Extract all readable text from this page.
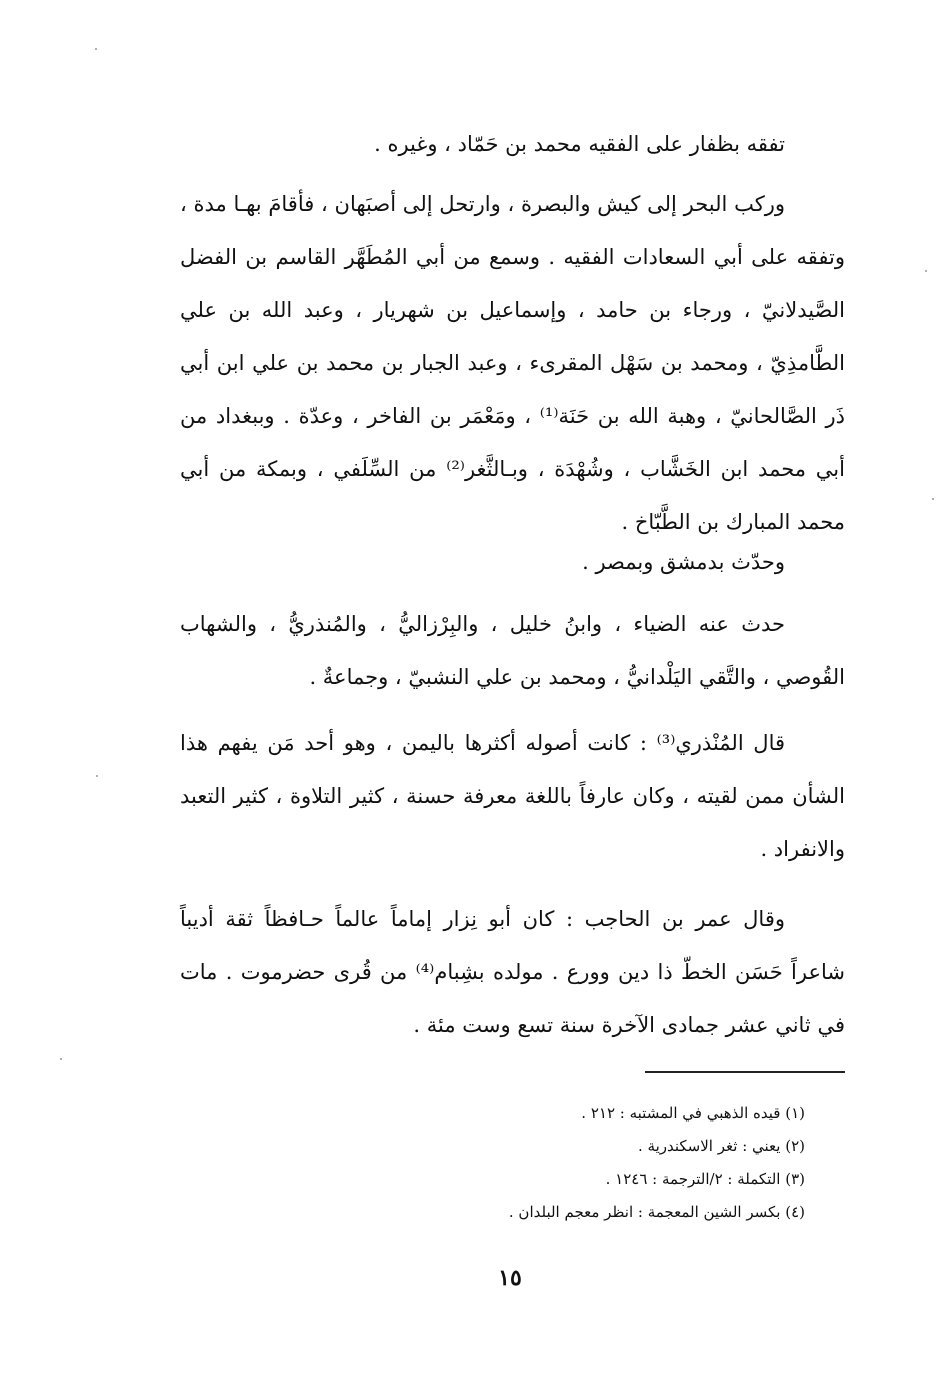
تفقه بظفار على الفقيه محمد بن حَمّاد ، وغيره .

وركب البحر إلى كيش والبصرة ، وارتحل إلى أصبَهان ، فأقامَ بهـا مدة ، وتفقه على أبي السعادات الفقيه . وسمع من أبي المُطَهَّر القاسم بن الفضل الصَّيدلانيّ ، ورجاء بن حامد ، وإسماعيل بن شهريار ، وعبد الله بن علي الطَّامذِيّ ، ومحمد بن سَهْل المقرىء ، وعبد الجبار بن محمد بن علي ابن أبي ذَر الصَّالحانيّ ، وهبة الله بن حَنَة⁽¹⁾ ، ومَعْمَر بن الفاخر ، وعدّة . وببغداد من أبي محمد ابن الخَشَّاب ، وشُهْدَة ، وبـالثَّغر⁽²⁾ من السِّلَفي ، وبمكة من أبي محمد المبارك بن الطَّبّاخ .

وحدّث بدمشق وبمصر .

حدث عنه الضياء ، وابنُ خليل ، والبِرْزاليُّ ، والمُنذريُّ ، والشهاب القُوصي ، والتَّقي اليَلْدانيُّ ، ومحمد بن علي النشبيّ ، وجماعةٌ .

قال المُنْذري⁽³⁾ : كانت أصوله أكثرها باليمن ، وهو أحد مَن يفهم هذا الشأن ممن لقيته ، وكان عارفاً باللغة معرفة حسنة ، كثير التلاوة ، كثير التعبد والانفراد .

وقال عمر بن الحاجب : كان أبو نِزار إماماً عالماً حـافظاً ثقة أديباً شاعراً حَسَن الخطّ ذا دين وورع . مولده بشِبام⁽⁴⁾ من قُرى حضرموت . مات في ثاني عشر جمادى الآخرة سنة تسع وست مئة .

(١) قيده الذهبي في المشتبه : ٢١٢ .
(٢) يعني : ثغر الاسكندرية .
(٣) التكملة : ٢/الترجمة : ١٢٤٦ .
(٤) بكسر الشين المعجمة : انظر معجم البلدان .
١٥
